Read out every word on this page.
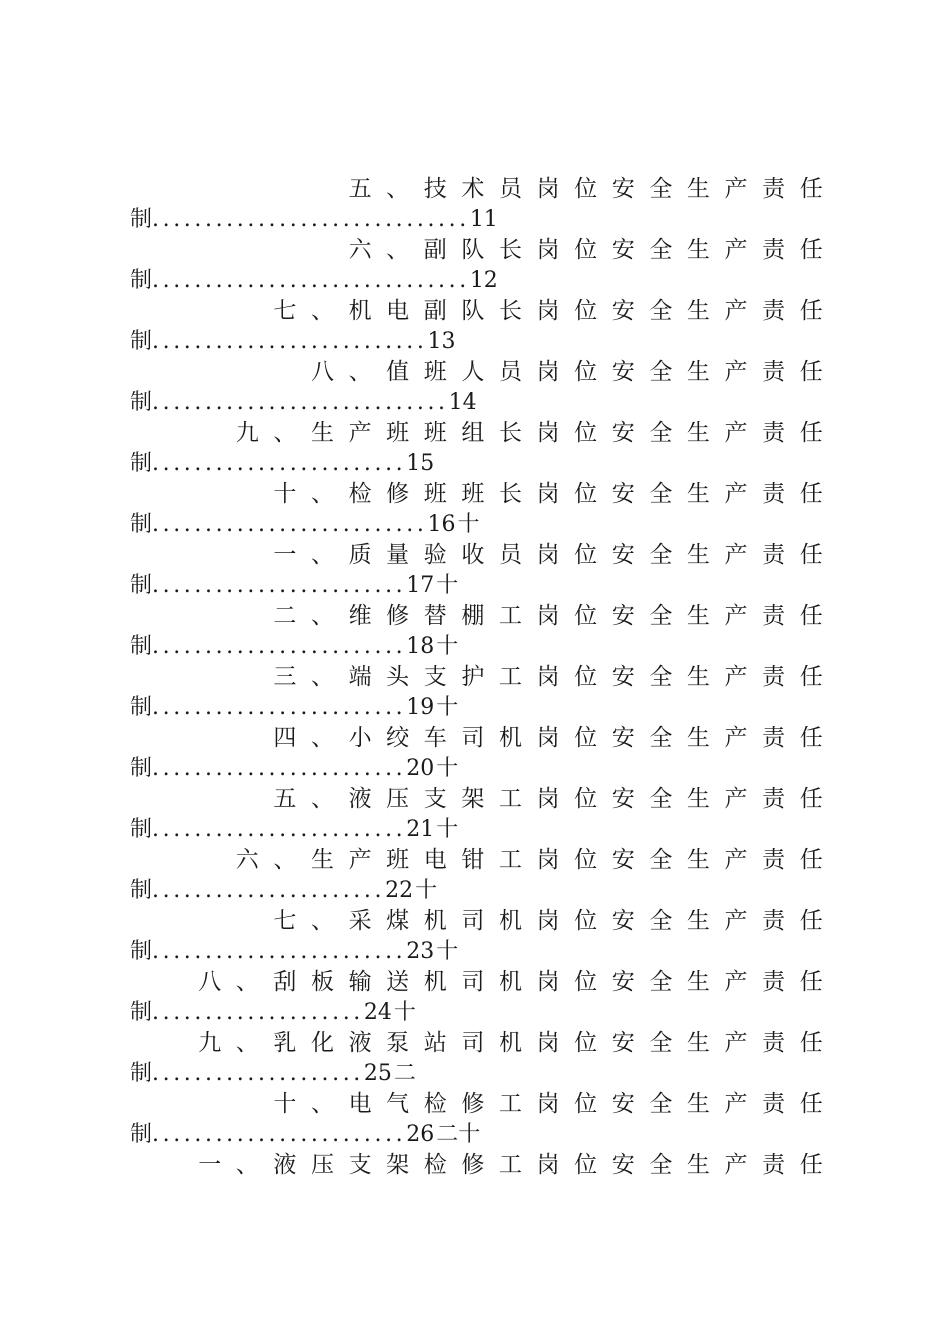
五 、 技 术 员 岗 位 安 全 生 产 责 任
制..............................11
六 、 副 队 长 岗 位 安 全 生 产 责 任
制..............................12
七 、 机 电 副 队 长 岗 位 安 全 生 产 责 任
制..........................13
八 、 值 班 人 员 岗 位 安 全 生 产 责 任
制............................14
九 、 生 产 班 班 组 长 岗 位 安 全 生 产 责 任
制........................15
十 、 检 修 班 班 长 岗 位 安 全 生 产 责 任
制..........................16十
一 、 质 量 验 收 员 岗 位 安 全 生 产 责 任
制........................17十
二 、 维 修 替 棚 工 岗 位 安 全 生 产 责 任
制........................18十
三 、 端 头 支 护 工 岗 位 安 全 生 产 责 任
制........................19十
四 、 小 绞 车 司 机 岗 位 安 全 生 产 责 任
制........................20十
五 、 液 压 支 架 工 岗 位 安 全 生 产 责 任
制........................21十
六 、 生 产 班 电 钳 工 岗 位 安 全 生 产 责 任
制......................22十
七 、 采 煤 机 司 机 岗 位 安 全 生 产 责 任
制........................23十
八 、 刮 板 输 送 机 司 机 岗 位 安 全 生 产 责 任
制....................24十
九 、 乳 化 液 泵 站 司 机 岗 位 安 全 生 产 责 任
制....................25二
十 、 电 气 检 修 工 岗 位 安 全 生 产 责 任
制........................26二十
一 、 液 压 支 架 检 修 工 岗 位 安 全 生 产 责 任
